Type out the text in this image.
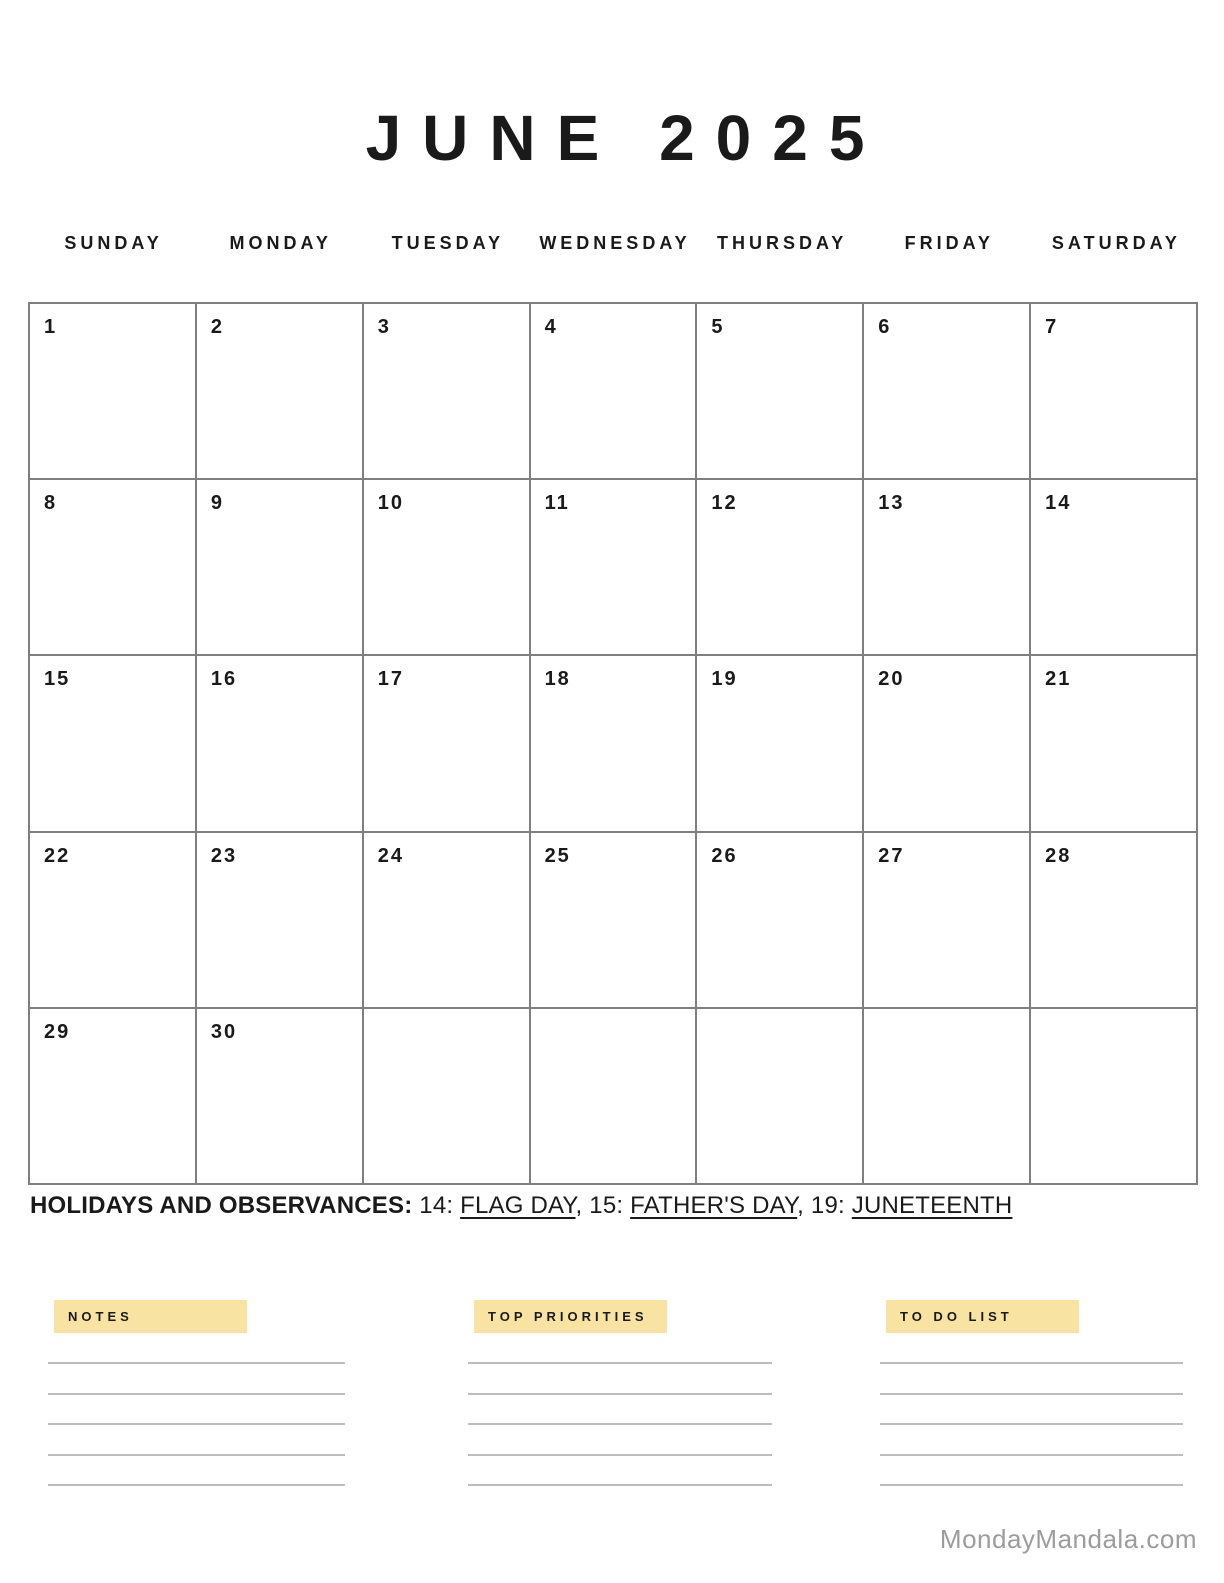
JUNE 2025
SUNDAY	MONDAY	TUESDAY	WEDNESDAY	THURSDAY	FRIDAY	SATURDAY
1	2	3	4	5	6	7
8	9	10	11	12	13	14
15	16	17	18	19	20	21
22	23	24	25	26	27	28
29	30

HOLIDAYS AND OBSERVANCES: 14: FLAG DAY, 15: FATHER'S DAY, 19: JUNETEENTH

NOTES	TOP PRIORITIES	TO DO LIST
MondayMandala.com
